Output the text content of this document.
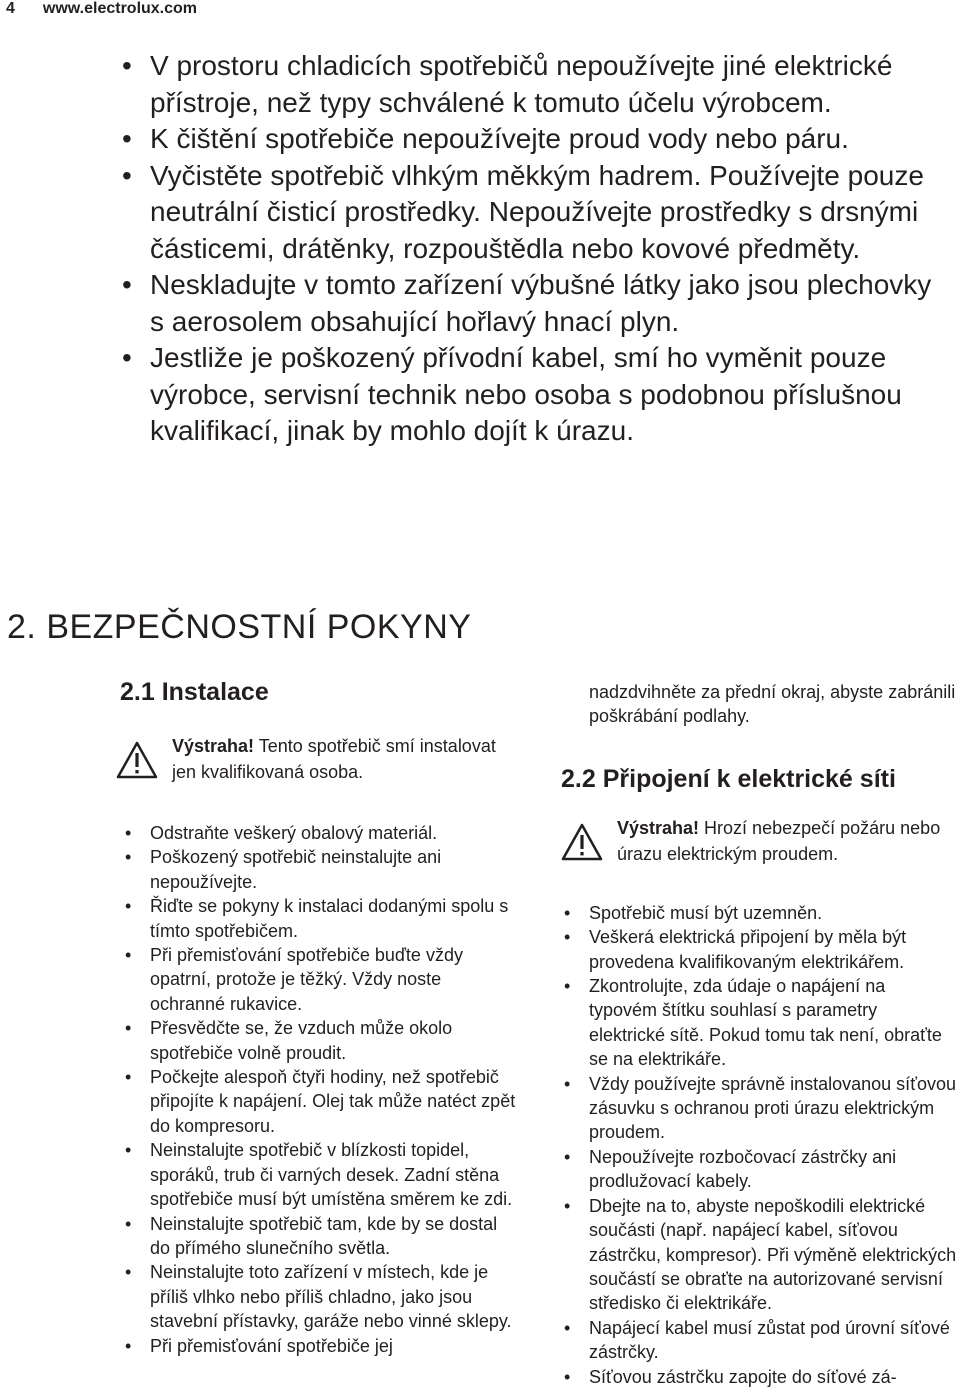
4 www.electrolux.com
• V prostoru chladicích spotřebičů nepoužívejte jiné elektrické přístroje, než typy schválené k tomuto účelu výrobcem.
• K čištění spotřebiče nepoužívejte proud vody nebo páru.
• Vyčistěte spotřebič vlhkým měkkým hadrem. Používejte pouze neutrální čisticí prostředky. Nepoužívejte prostředky s drsnými částicemi, drátěnky, rozpouštědla nebo kovové předměty.
• Neskladujte v tomto zařízení výbušné látky jako jsou plechovky s aerosolem obsahující hořlavý hnací plyn.
• Jestliže je poškozený přívodní kabel, smí ho vyměnit pouze výrobce, servisní technik nebo osoba s podobnou příslušnou kvalifikací, jinak by mohlo dojít k úrazu.
2. BEZPEČNOSTNÍ POKYNY
2.1 Instalace
Výstraha! Tento spotřebič smí instalovat jen kvalifikovaná osoba.
• Odstraňte veškerý obalový materiál.
• Poškozený spotřebič neinstalujte ani nepoužívejte.
• Řiďte se pokyny k instalaci dodanými spolu s tímto spotřebičem.
• Při přemisťování spotřebiče buďte vždy opatrní, protože je těžký. Vždy noste ochranné rukavice.
• Přesvědčte se, že vzduch může okolo spotřebiče volně proudit.
• Počkejte alespoň čtyři hodiny, než spotřebič připojíte k napájení. Olej tak může natéct zpět do kompresoru.
• Neinstalujte spotřebič v blízkosti topidel, sporáků, trub či varných desek. Zadní stěna spotřebiče musí být umístěna směrem ke zdi.
• Neinstalujte spotřebič tam, kde by se dostal do přímého slunečního světla.
• Neinstalujte toto zařízení v místech, kde je příliš vlhko nebo příliš chladno, jako jsou stavební přístavky, garáže nebo vinné sklepy.
• Při přemisťování spotřebiče jej
nadzdvihněte za přední okraj, abyste zabránili poškrábání podlahy.
2.2 Připojení k elektrické síti
Výstraha! Hrozí nebezpečí požáru nebo úrazu elektrickým proudem.
• Spotřebič musí být uzemněn.
• Veškerá elektrická připojení by měla být provedena kvalifikovaným elektrikářem.
• Zkontrolujte, zda údaje o napájení na typovém štítku souhlasí s parametry elektrické sítě. Pokud tomu tak není, obraťte se na elektrikáře.
• Vždy používejte správně instalovanou síťovou zásuvku s ochranou proti úrazu elektrickým proudem.
• Nepoužívejte rozbočovací zástrčky ani prodlužovací kabely.
• Dbejte na to, abyste nepoškodili elektrické součásti (např. napájecí kabel, síťovou zástrčku, kompresor). Při výměně elektrických součástí se obraťte na autorizované servisní středisko či elektrikáře.
• Napájecí kabel musí zůstat pod úrovní síťové zástrčky.
• Síťovou zástrčku zapojte do síťové zá-
